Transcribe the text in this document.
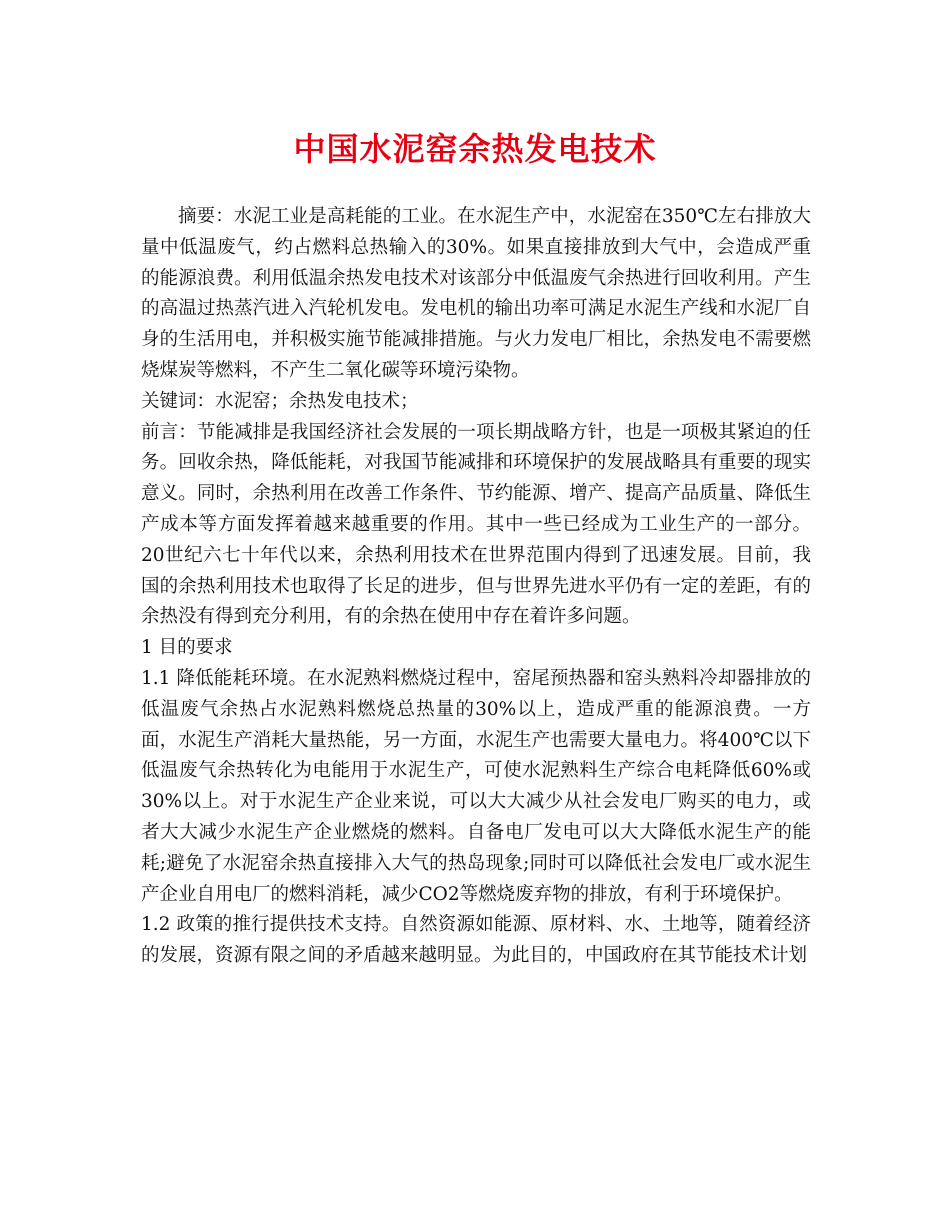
中国水泥窑余热发电技术

摘要：水泥工业是高耗能的工业。在水泥生产中，水泥窑在350℃左右排放大量中低温废气，约占燃料总热输入的30%。如果直接排放到大气中，会造成严重的能源浪费。利用低温余热发电技术对该部分中低温废气余热进行回收利用。产生的高温过热蒸汽进入汽轮机发电。发电机的输出功率可满足水泥生产线和水泥厂自身的生活用电，并积极实施节能减排措施。与火力发电厂相比，余热发电不需要燃烧煤炭等燃料，不产生二氧化碳等环境污染物。

关键词：水泥窑；余热发电技术；

前言：节能减排是我国经济社会发展的一项长期战略方针，也是一项极其紧迫的任务。回收余热，降低能耗，对我国节能减排和环境保护的发展战略具有重要的现实意义。同时，余热利用在改善工作条件、节约能源、增产、提高产品质量、降低生产成本等方面发挥着越来越重要的作用。其中一些已经成为工业生产的一部分。20世纪六七十年代以来，余热利用技术在世界范围内得到了迅速发展。目前，我国的余热利用技术也取得了长足的进步，但与世界先进水平仍有一定的差距，有的余热没有得到充分利用，有的余热在使用中存在着许多问题。

1 目的要求

1.1 降低能耗环境。在水泥熟料燃烧过程中，窑尾预热器和窑头熟料冷却器排放的低温废气余热占水泥熟料燃烧总热量的30%以上，造成严重的能源浪费。一方面，水泥生产消耗大量热能，另一方面，水泥生产也需要大量电力。将400℃以下低温废气余热转化为电能用于水泥生产，可使水泥熟料生产综合电耗降低60%或30%以上。对于水泥生产企业来说，可以大大减少从社会发电厂购买的电力，或者大大减少水泥生产企业燃烧的燃料。自备电厂发电可以大大降低水泥生产的能耗;避免了水泥窑余热直接排入大气的热岛现象;同时可以降低社会发电厂或水泥生产企业自用电厂的燃料消耗，减少CO2等燃烧废弃物的排放，有利于环境保护。

1.2 政策的推行提供技术支持。自然资源如能源、原材料、水、土地等，随着经济的发展，资源有限之间的矛盾越来越明显。为此目的，中国政府在其节能技术计划
